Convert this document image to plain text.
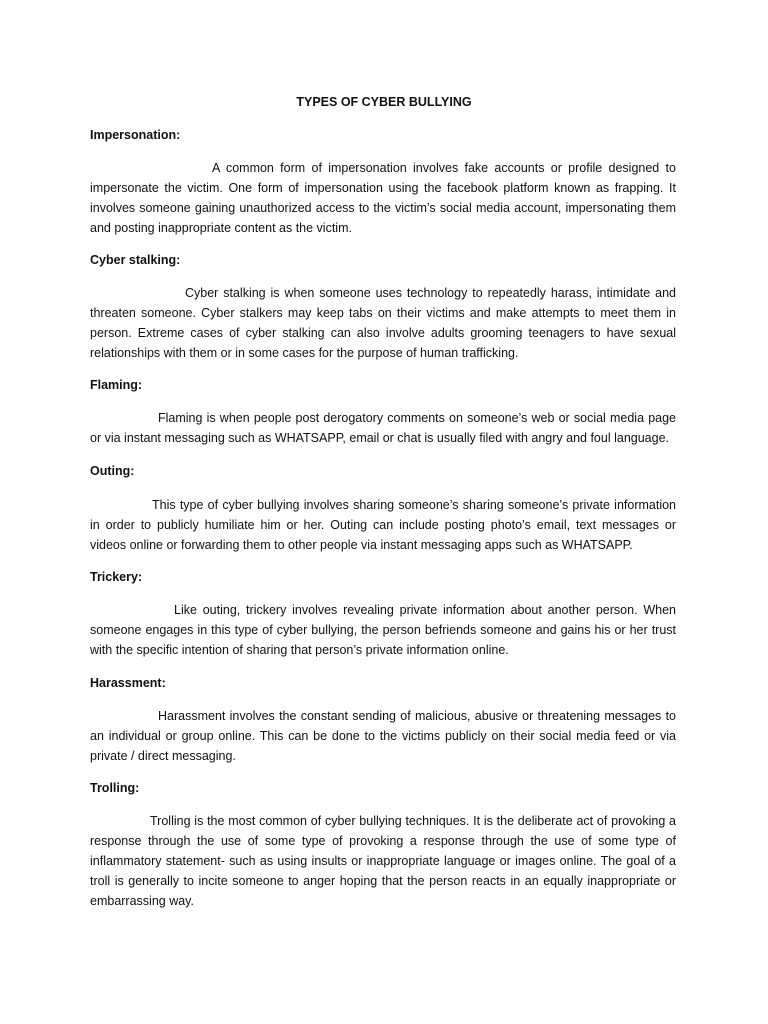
TYPES OF CYBER BULLYING
Impersonation:
A common form of impersonation involves fake accounts or profile designed to impersonate the victim. One form of impersonation using the facebook platform known as frapping. It involves someone gaining unauthorized access to the victim’s social media account, impersonating them and posting inappropriate content as the victim.
Cyber stalking:
Cyber stalking is when someone uses technology to repeatedly harass, intimidate and threaten someone. Cyber stalkers may keep tabs on their victims and make attempts to meet them in person. Extreme cases of cyber stalking can also involve adults grooming teenagers to have sexual relationships with them or in some cases for the purpose of human trafficking.
Flaming:
Flaming is when people post derogatory comments on someone’s web or social media page or via instant messaging such as WHATSAPP, email or chat is usually filed with angry and foul language.
Outing:
This type of cyber bullying involves sharing someone’s sharing someone’s private information in order to publicly humiliate him or her. Outing can include posting photo’s email, text messages or videos online or forwarding them to other people via instant messaging apps such as WHATSAPP.
Trickery:
Like outing, trickery involves revealing private information about another person. When someone engages in this type of cyber bullying, the person befriends someone and gains his or her trust with the specific intention of sharing that person’s private information online.
Harassment:
Harassment involves the constant sending of malicious, abusive or threatening messages to an individual or group online. This can be done to the victims publicly on their social media feed or via private / direct messaging.
Trolling:
Trolling is the most common of cyber bullying techniques. It is the deliberate act of provoking a response through the use of some type of provoking a response through the use of some type of inflammatory statement- such as using insults or inappropriate language or images online. The goal of a troll is generally to incite someone to anger hoping that the person reacts in an equally inappropriate or embarrassing way.
